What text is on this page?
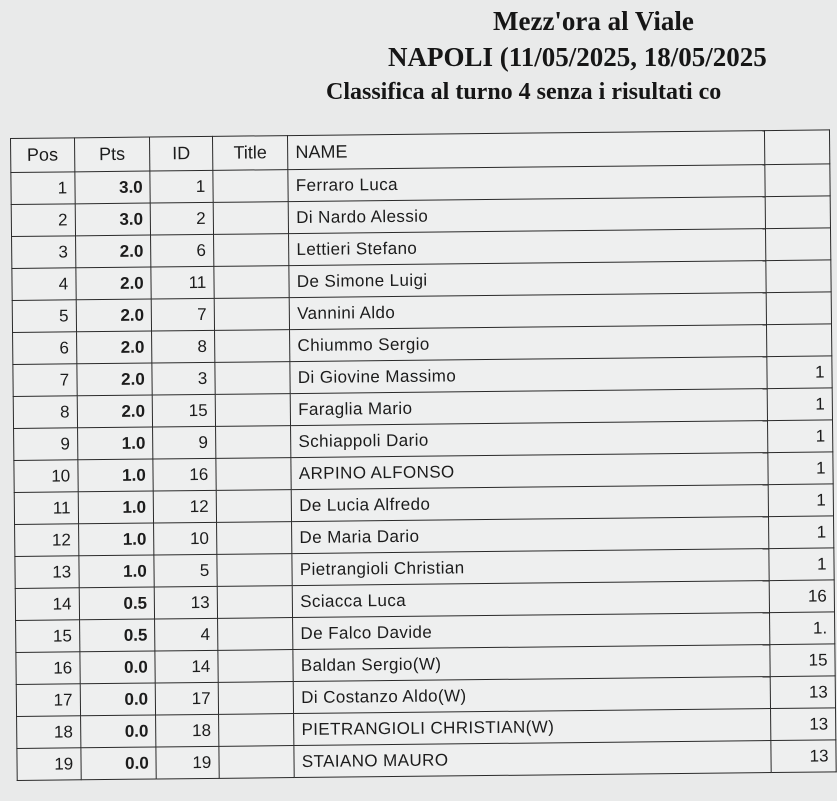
Mezz'ora al Viale
NAPOLI (11/05/2025, 18/05/2025
Classifica al turno 4 senza i risultati co
Pos	Pts	ID	Title	NAME	
1	3.0	1		Ferraro Luca	
2	3.0	2		Di Nardo Alessio	
3	2.0	6		Lettieri Stefano	
4	2.0	11		De Simone Luigi	
5	2.0	7		Vannini Aldo	
6	2.0	8		Chiummo Sergio	
7	2.0	3		Di Giovine Massimo	1
8	2.0	15		Faraglia Mario	1
9	1.0	9		Schiappoli Dario	1
10	1.0	16		ARPINO ALFONSO	1
11	1.0	12		De Lucia Alfredo	1
12	1.0	10		De Maria Dario	1
13	1.0	5		Pietrangioli Christian	1
14	0.5	13		Sciacca Luca	16
15	0.5	4		De Falco Davide	1.
16	0.0	14		Baldan Sergio(W)	15
17	0.0	17		Di Costanzo Aldo(W)	13
18	0.0	18		PIETRANGIOLI CHRISTIAN(W)	13
19	0.0	19		STAIANO MAURO	13
